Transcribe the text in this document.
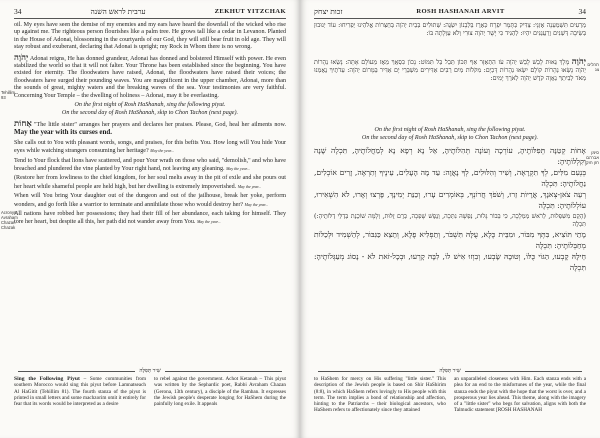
34	ערבית לראש השנה	ZEKHUT YITZCHAK

oil. My eyes have seen the demise of my enemies and my ears have heard the downfall of the wicked who rise up against me. The righteous person flourishes like a palm tree. He grows tall like a cedar in Levanon. Planted in the House of Adonai, blossoming in the courtyards of our God, they will still bear fruit in old age. They will stay robust and exuberant, declaring that Adonai is upright; my Rock in Whom there is no wrong.

יְהֹוָה Adonai reigns, He has donned grandeur, Adonai has donned and bolstered Himself with power. He even stabilized the world so that it will not falter. Your Throne has been established since the beginning. You have existed for eternity. The floodwaters have raised, Adonai, the floodwaters have raised their voices; the floodwaters have surged their pounding waves. You are magnificent in the upper chamber, Adonai, more than the sounds of great, mighty waters and the breaking waves of the sea. Your testimonies are very faithful. Concerning Your Temple – the dwelling of holiness – Adonai, may it be everlasting.

On the first night of Rosh HaShanah, sing the following piyut.
On the second day of Rosh HaShanah, skip to Chon Tachon (next page).

אָחוֹת "The little sister" arranges her prayers and declares her praises. Please, God, heal her ailments now. May the year with its curses end.

She calls out to You with pleasant words, songs, and praises, for this befits You. How long will You hide Your eyes while watching strangers consuming her heritage? May the year...

Tend to Your flock that lions have scattered, and pour Your wrath on those who said, "demolish," and who have breached and plundered the vine planted by Your right hand, not leaving any gleaning. May the year...

(Restore her from lowliness to the chief kingdom, for her soul melts away in the pit of exile and she pours out her heart while shameful people are held high, but her dwelling is extremely impoverished. May the year...

When will You bring Your daughter out of the dungeon and out of the jailhouse, break her yoke, perform wonders, and go forth like a warrior to terminate and annihilate those who would destroy her? May the year...

All nations have robbed her possessions; they had their fill of her abundance, each taking for himself. They tore her heart, but despite all this, her path did not wander away from You. May the year...

Tehillim 93
Acronym: Avraham Chazan Chazak
שִׁיר תְּפִלָּה
Sing the Following Piyut – Some communities from southern Morocco would sing this piyut before Lamnatseach Al HaGitit (Tehillim 81). The fourth stanza of the piyut is printed in small letters and some machzorim omit it entirely for fear that its words would be interpreted as a desire
to rebel against the government. Achot Ketanah – This piyut was written by the Sephardic poet, Rabbi Avraham Chazan (Gerona, 13th century), a disciple of the Ramban. It expresses the Jewish people's desperate longing for HaShem during the painfully long exile. It appeals
זכות יצחק	ROSH HASHANAH ARVIT	34

מְרַעִים תִּשְׁמַעְנָה אָזְנָי: צַדִּיק כַּתָּמָר יִפְרָח כְּאֶרֶז בַּלְּבָנוֹן יִשְׂגֶּה: שְׁתוּלִים בְּבֵית יְהֹוָה בְּחַצְרוֹת אֱלֹהֵינוּ יַפְרִיחוּ: עוֹד יְנוּבוּן בְּשֵׂיבָה דְּשֵׁנִים וְרַעֲנַנִּים יִהְיוּ: לְהַגִּיד כִּי יָשָׁר יְהֹוָה צוּרִי וְלֹא עַוְלָתָה בּוֹ:

יְהֹוָה מָלָךְ גֵּאוּת לָבֵשׁ לָבֵשׁ יְהֹוָה עֹז הִתְאַזָּר אַף תִּכּוֹן תֵּבֵל בַּל תִּמּוֹט: נָכוֹן כִּסְאֲךָ מֵאָז מֵעוֹלָם אָתָּה: נָשְׂאוּ נְהָרוֹת יְהֹוָה נָשְׂאוּ נְהָרוֹת קוֹלָם יִשְׂאוּ נְהָרוֹת דָּכְיָם: מִקֹּלוֹת מַיִם רַבִּים אַדִּירִים מִשְׁבְּרֵי יָם אַדִּיר בַּמָּרוֹם יְהֹוָה: עֵדֹתֶיךָ נֶאֶמְנוּ מְאֹד לְבֵיתְךָ נַאֲוָה קֹדֶשׁ יְהֹוָה לְאֹרֶךְ יָמִים:

On the first night of Rosh HaShanah, sing the following piyut.
On the second day of Rosh HaShanah, skip to Chon Tachon (next page).

אָחוֹת קְטַנָּה תְּפִלּוֹתֶיהָ, עוֹרְכָה וְעוֹנָה תְּהִלּוֹתֶיהָ, אֵל נָא רְפָא נָא לְמַחֲלוֹתֶיהָ, תִּכְלֶה שָׁנָה וְקִלְלוֹתֶיהָ:

בְּנְעִם מִלִּים, לְךָ תִקְרָאֶה, וְשִׁיר וְהִלּוּלִים, לְךָ נָאֲוָה: עַד מָה הָעָלִים, עֵינֶיךָ וְתִרְאֶה, זָרִים אוֹכְלִים, נַחֲלוֹתֶיהָ: תִּכְלֶה

רְעֵה צֹאן-צְאנָךְ, אֲרָיוֹת זֵרוּ, וְשֹׁפֹךְ חֲרוֹנְךָ, בְּאוֹמְרִים עָרוּ, וְכַנַּת יְמִינָךְ, פָּרְצוּ וְאָרוּ, לֹא הִשְׁאִירוּ, עוֹלְלוֹתֶיהָ: תִּכְלֶה

(הָקֵם מִשִּׁפְלוּת, לְרֹאשׁ מַמְלָכָה, כִּי בְּבוֹר גָּלוּת, נַפְשָׁהּ נִתְּכָה, וְנֶפֶשׁ שָׁפְכָה, כְּרֻם זֻלּוּת, וְלָמָּה שׁוֹכֶנֶת בְּדַלֵּי דַלּוֹתֶיהָ:) תִּכְלֶה

מָתַי תּוֹצִיא, בִּתְּךָ מִבּוֹר, וּמִבֵּית כֶּלֶא, עֻלָּהּ תִּשְׁבֹּר, וְתַפְלִיא פֶלֶא, וְתֵצֵא כַּגִּבּוֹר, לְהַשְׁמִיד וּלְכַלּוֹת מְחַבְּלוֹתֶיהָ: תִּכְלֶה

חֵילָהּ קָבְעוּ, הַגּוֹי כֻּלּוֹ, וְטוּבָהּ שָׂבְעוּ, וְבִוְזוּ אִישׁ לוֹ, לִבָּהּ קָרְעוּ, וּבְכָל-זֹאת לֹא - נָסוֹג מְעַגְּלוֹתֶיהָ: תִּכְלֶה

תהלים צג
סימן אברהם חזן חזק
שִׁיר תְּפִלָּה
to HaShem for mercy on His suffering "little sister." This description of the Jewish people is based on Shir HaShirim (8:8), in which HaShem refers lovingly to His people with this term. The term implies a bond of relationship and affection, hinting to the Patriarchs – their biological ancestors, who HaShem refers to affectionately since they attained
an unparalleled closeness with Him. Each stanza ends with a plea for an end to the misfortunes of the year, while the final stanza ends the piyut with the hope that the worst is over, and a prosperous year lies ahead. This theme, along with the imagery of a "little sister" who begs for salvation, aligns with both the Talmudic statement [ROSH HASHANAH
